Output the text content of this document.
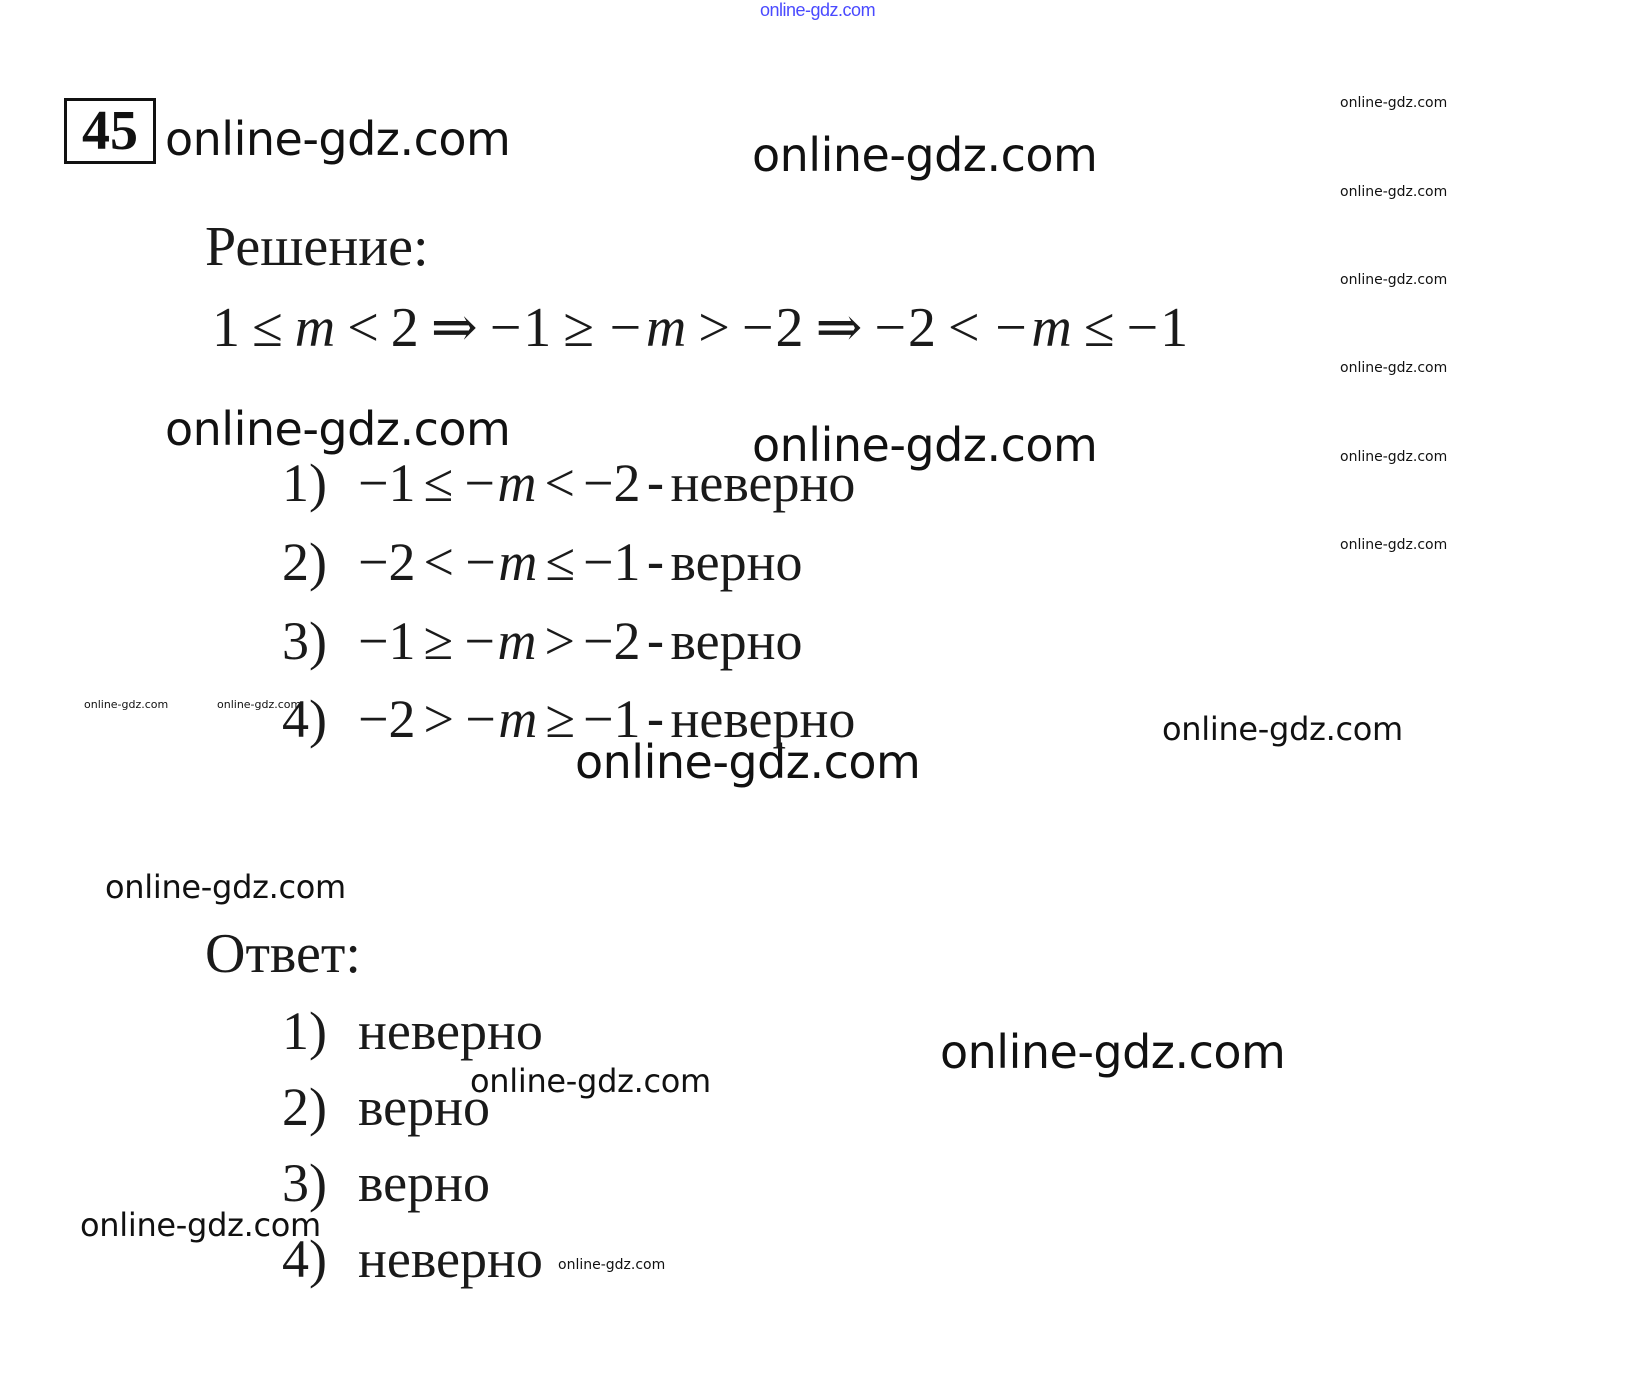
online-gdz.com
45 online-gdz.com	online-gdz.com
online-gdz.com
online-gdz.com
online-gdz.com
online-gdz.com
online-gdz.com
online-gdz.com
online-gdz.com	online-gdz.com
online-gdz.com	online-gdz.com
online-gdz.com
online-gdz.com
online-gdz.com
online-gdz.com
online-gdz.com
online-gdz.com
online-gdz.com
Решение:
1 ≤ m < 2 ⇒ −1 ≥ −m > −2 ⇒ −2 < −m ≤ −1
1) −1 ≤ −m < −2 - неверно
2) −2 < −m ≤ −1 - верно
3) −1 ≥ −m > −2 - верно
4) −2 > −m ≥ −1 - неверно
Ответ:
1) неверно
2) верно
3) верно
4) неверно
